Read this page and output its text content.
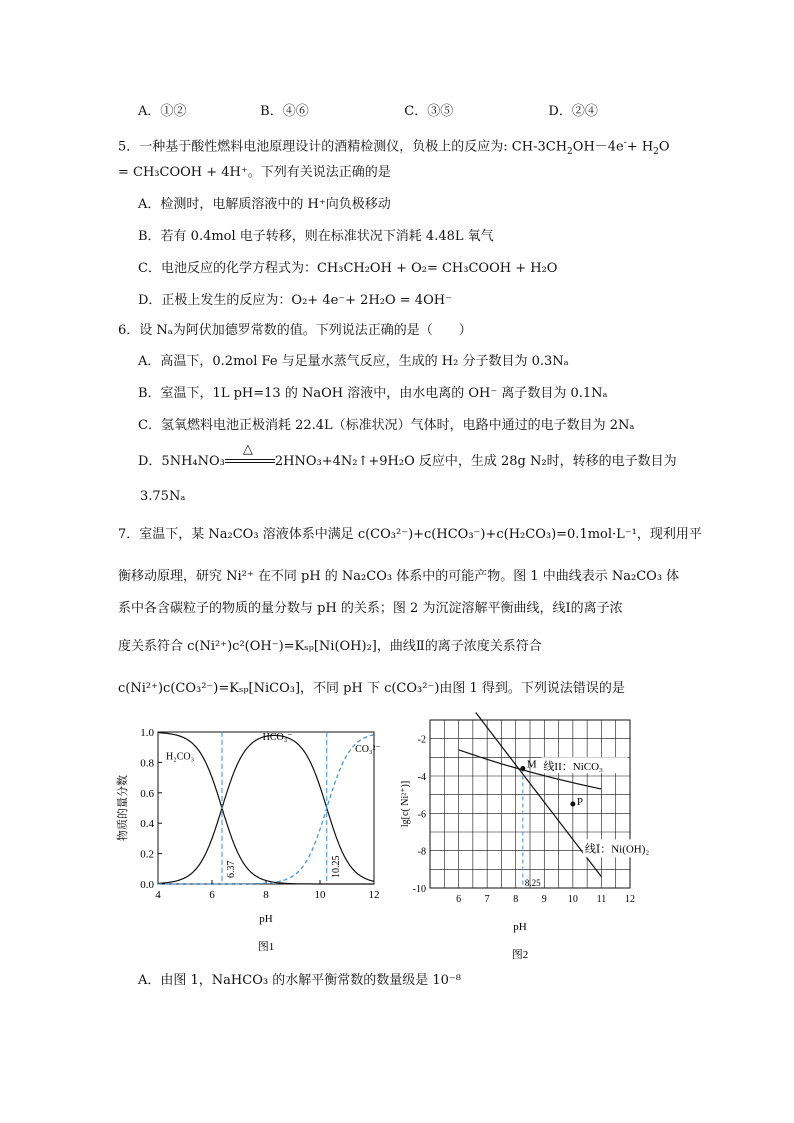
A．①②	B．④⑥	C．③⑤	D．②④
5．一种基于酸性燃料电池原理设计的酒精检测仪，负极上的反应为: $CH-3CH_2OH-4e^-+ H_2O$
= CH₃COOH + 4H⁺。下列有关说法正确的是
A．检测时，电解质溶液中的 H⁺向负极移动
B．若有 0.4mol 电子转移，则在标准状况下消耗 4.48L 氧气
C．电池反应的化学方程式为：CH₃CH₂OH + O₂= CH₃COOH + H₂O
D．正极上发生的反应为：O₂+ 4e⁻+ 2H₂O = 4OH⁻
6．设 Nₐ为阿伏加德罗常数的值。下列说法正确的是（　　）
A．高温下，0.2mol Fe 与足量水蒸气反应，生成的 H₂ 分子数目为 0.3Nₐ
B．室温下，1L pH=13 的 NaOH 溶液中，由水电离的 OH⁻ 离子数目为 0.1Nₐ
C．氢氧燃料电池正极消耗 22.4L（标准状况）气体时，电路中通过的电子数目为 2Nₐ
D．5NH₄NO₃
△
2HNO₃+4N₂↑+9H₂O 反应中，生成 28g N₂时，转移的电子数目为
3.75Nₐ
7．室温下，某 Na₂CO₃ 溶液体系中满足 c(CO₃²⁻)+c(HCO₃⁻)+c(H₂CO₃)=0.1mol·L⁻¹，现利用平
衡移动原理，研究 Ni²⁺ 在不同 pH 的 Na₂CO₃ 体系中的可能产物。图 1 中曲线表示 Na₂CO₃ 体
系中各含碳粒子的物质的量分数与 pH 的关系；图 2 为沉淀溶解平衡曲线，线Ⅰ的离子浓
度关系符合 c(Ni²⁺)c²(OH⁻)=Kₛₚ[Ni(OH)₂]，曲线Ⅱ的离子浓度关系符合
c(Ni²⁺)c(CO₃²⁻)=Kₛₚ[NiCO₃]，不同 pH 下 c(CO₃²⁻)由图 1 得到。下列说法错误的是
4	6	8	10	12
0.0
0.2
0.4
0.6
0.8
1.0
6.37	10.25
H₂CO₃
HCO₃⁻
CO₃²⁻
物质的量分数
pH
图1
6 7 8 9 10 11 12
-2
-4
-6
-8
-10
M
P
线II：NiCO₃
线Ⅰ：Ni(OH)₂
8.25
lg[c( Ni²⁺)]
pH
图2
A．由图 1，NaHCO₃ 的水解平衡常数的数量级是 10⁻⁸
